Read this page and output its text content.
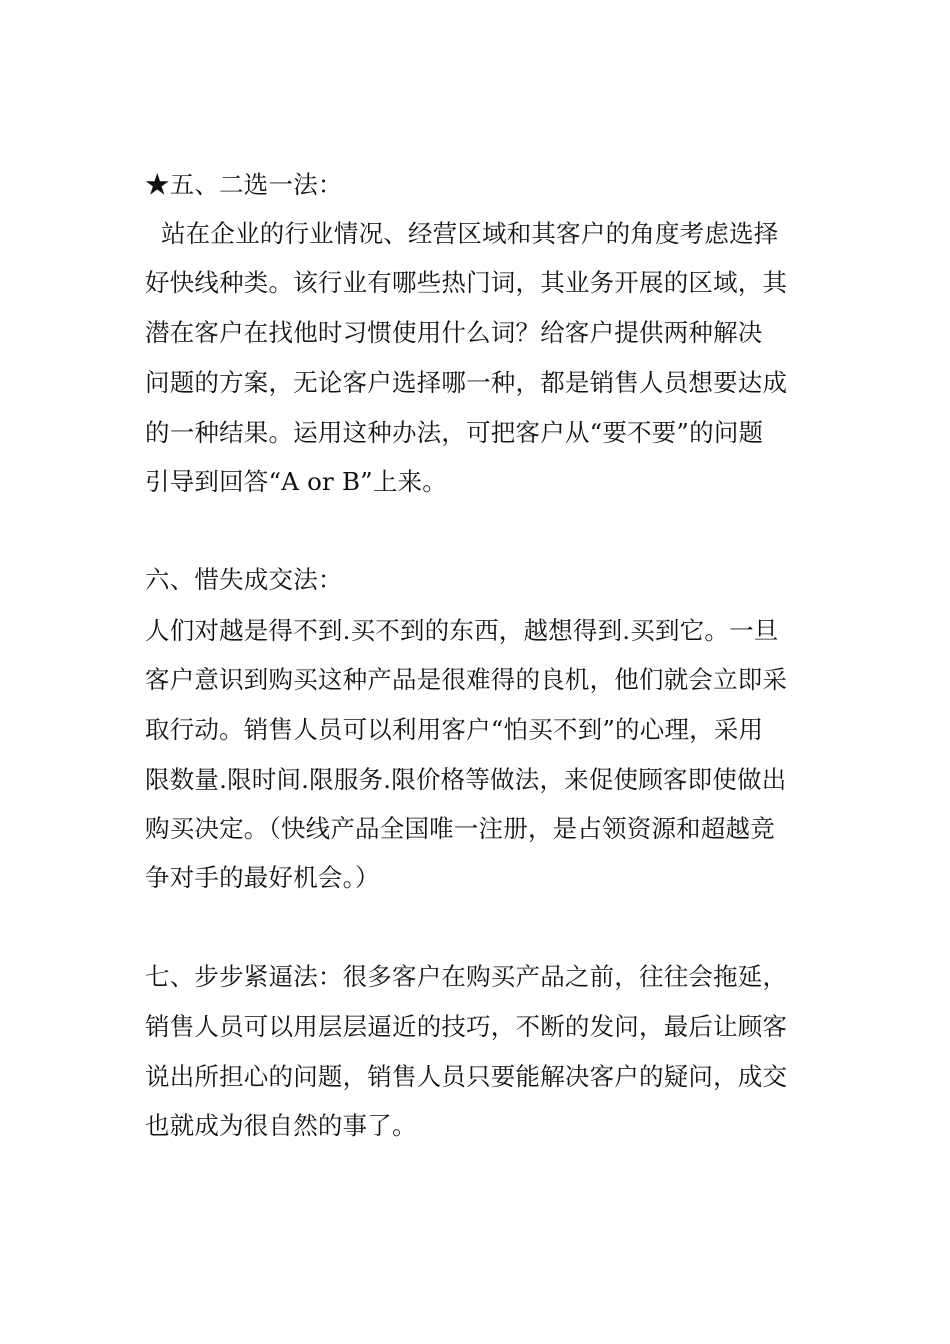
★五、二选一法：
站在企业的行业情况、经营区域和其客户的角度考虑选择
好快线种类。该行业有哪些热门词，其业务开展的区域，其
潜在客户在找他时习惯使用什么词？给客户提供两种解决
问题的方案，无论客户选择哪一种，都是销售人员想要达成
的一种结果。运用这种办法，可把客户从“要不要”的问题
引导到回答“A or B”上来。
六、惜失成交法：
人们对越是得不到.买不到的东西，越想得到.买到它。一旦
客户意识到购买这种产品是很难得的良机，他们就会立即采
取行动。销售人员可以利用客户“怕买不到”的心理，采用
限数量.限时间.限服务.限价格等做法，来促使顾客即使做出
购买决定。（快线产品全国唯一注册，是占领资源和超越竞
争对手的最好机会。）
七、步步紧逼法：很多客户在购买产品之前，往往会拖延，
销售人员可以用层层逼近的技巧，不断的发问，最后让顾客
说出所担心的问题，销售人员只要能解决客户的疑问，成交
也就成为很自然的事了。
